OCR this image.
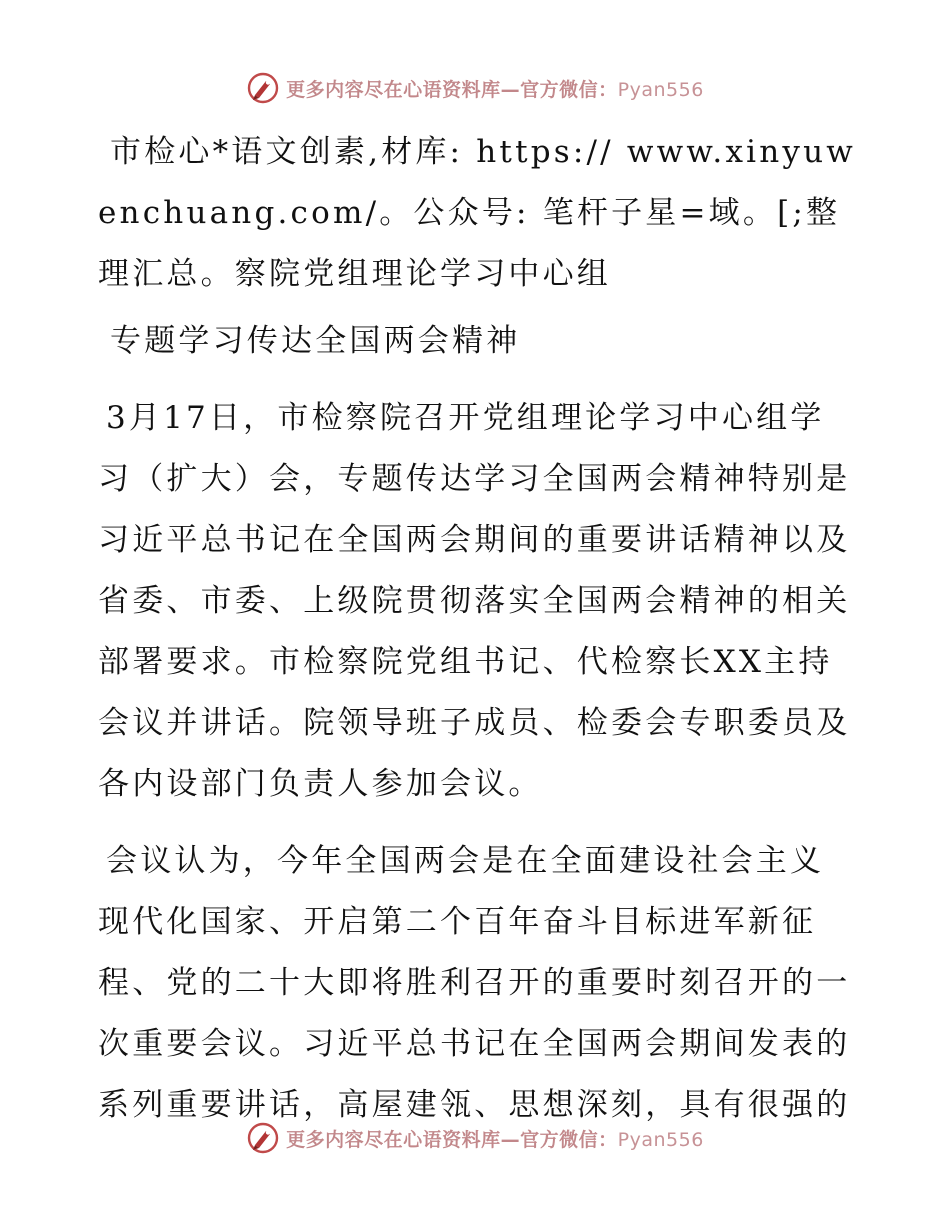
更多内容尽在心语资料库—官方微信：Pyan556

市检心*语文创素,材库: https:// www.xinyuwenchuang.com/。公众号: 笔杆子星=域。[;整理汇总。察院党组理论学习中心组

专题学习传达全国两会精神

3月17日，市检察院召开党组理论学习中心组学习（扩大）会，专题传达学习全国两会精神特别是习近平总书记在全国两会期间的重要讲话精神以及省委、市委、上级院贯彻落实全国两会精神的相关部署要求。市检察院党组书记、代检察长XX主持会议并讲话。院领导班子成员、检委会专职委员及各内设部门负责人参加会议。

会议认为，今年全国两会是在全面建设社会主义现代化国家、开启第二个百年奋斗目标进军新征程、党的二十大即将胜利召开的重要时刻召开的一次重要会议。习近平总书记在全国两会期间发表的系列重要讲话，高屋建瓴、思想深刻，具有很强的

更多内容尽在心语资料库—官方微信：Pyan556
